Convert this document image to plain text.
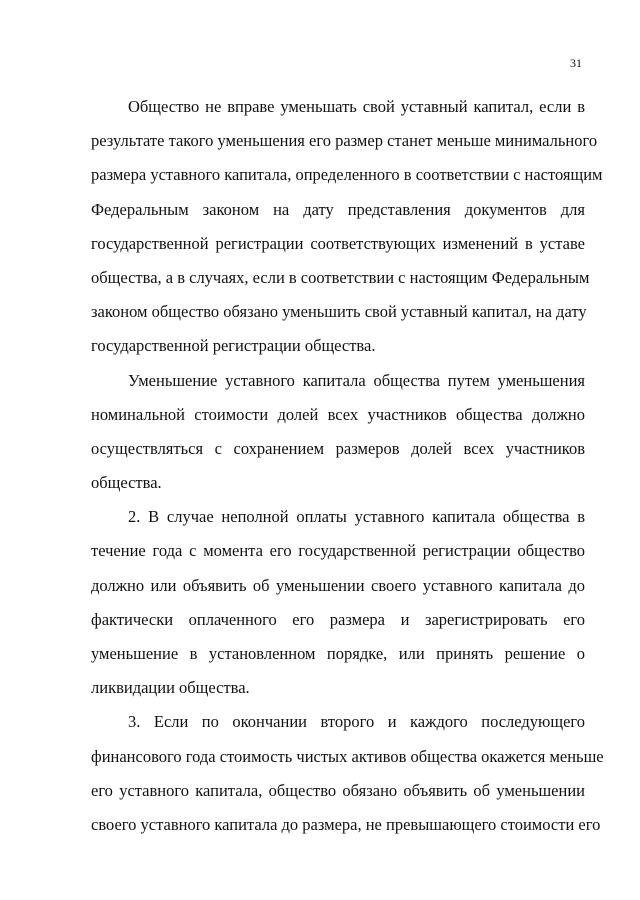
31
Общество не вправе уменьшать свой уставный капитал, если в
результате такого уменьшения его размер станет меньше минимального
размера уставного капитала, определенного в соответствии с настоящим
Федеральным законом на дату представления документов для
государственной регистрации соответствующих изменений в уставе
общества, а в случаях, если в соответствии с настоящим Федеральным
законом общество обязано уменьшить свой уставный капитал, на дату
государственной регистрации общества.
Уменьшение уставного капитала общества путем уменьшения
номинальной стоимости долей всех участников общества должно
осуществляться с сохранением размеров долей всех участников
общества.
2. В случае неполной оплаты уставного капитала общества в
течение года с момента его государственной регистрации общество
должно или объявить об уменьшении своего уставного капитала до
фактически оплаченного его размера и зарегистрировать его
уменьшение в установленном порядке, или принять решение о
ликвидации общества.
3. Если по окончании второго и каждого последующего
финансового года стоимость чистых активов общества окажется меньше
его уставного капитала, общество обязано объявить об уменьшении
своего уставного капитала до размера, не превышающего стоимости его
